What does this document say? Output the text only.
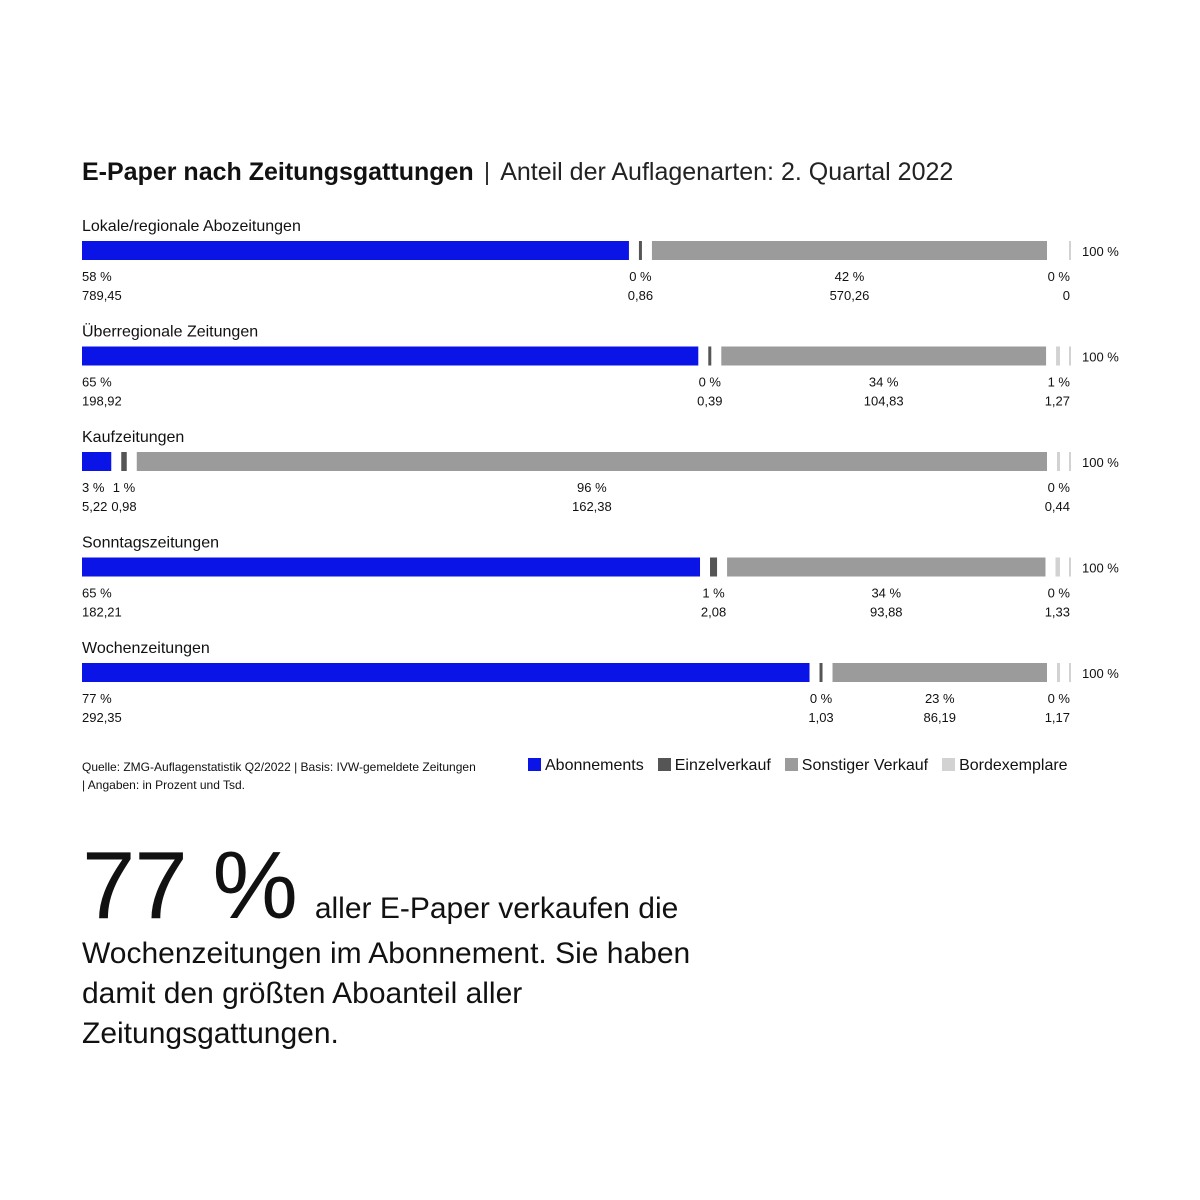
E-Paper nach Zeitungsgattungen | Anteil der Auflagenarten: 2. Quartal 2022
Lokale/regionale Abozeitungen
58 %
789,45
0 %
0,86
42 %
570,26
0 %
0
100 %
Überregionale Zeitungen
65 %
198,92
0 %
0,39
34 %
104,83
1 %
1,27
100 %
Kaufzeitungen
3 %
5,22
1 %
0,98
96 %
162,38
0 %
0,44
100 %
Sonntagszeitungen
65 %
182,21
1 %
2,08
34 %
93,88
0 %
1,33
100 %
Wochenzeitungen
77 %
292,35
0 %
1,03
23 %
86,19
0 %
1,17
100 %
Quelle: ZMG-Auflagenstatistik Q2/2022 | Basis: IVW-gemeldete Zeitungen | Angaben: in Prozent und Tsd.
Abonnements Einzelverkauf Sonstiger Verkauf Bordexemplare

77 % aller E-Paper verkaufen die Wochenzeitungen im Abonnement. Sie haben damit den größten Aboanteil aller Zeitungsgattungen.
